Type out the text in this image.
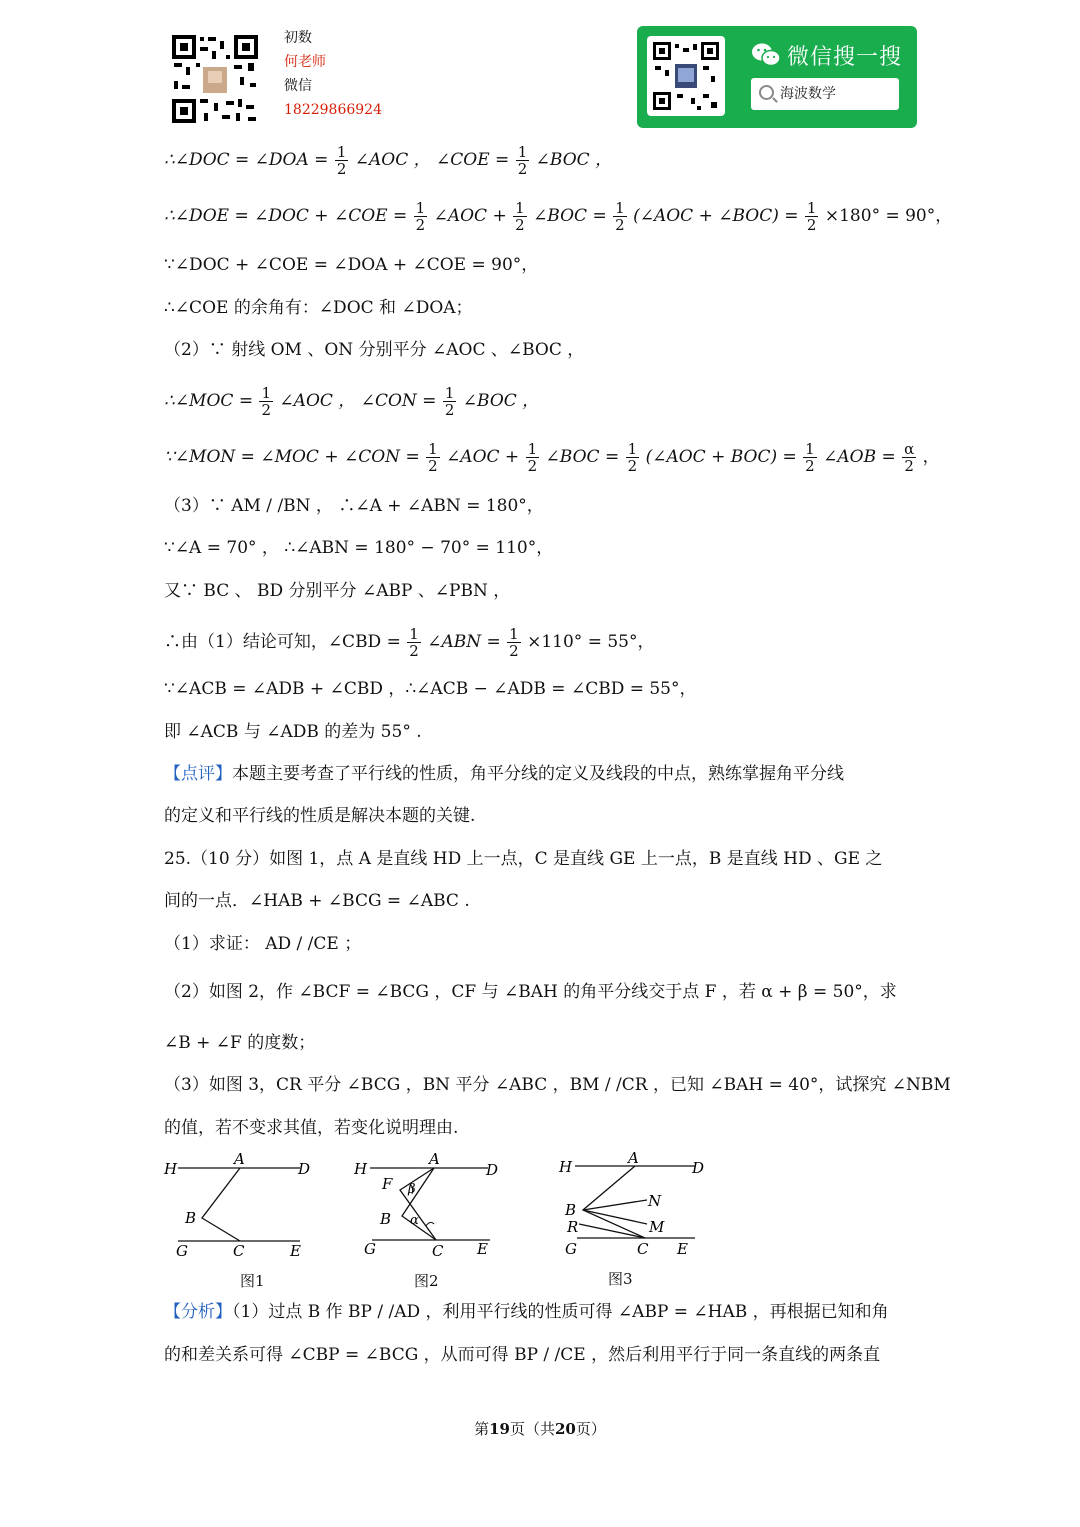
初数
何老师
微信
18229866924
微信搜一搜
海波数学
∴∠DOC = ∠DOA = $\frac{1}{2}$ ∠AOC ， ∠COE = $\frac{1}{2}$ ∠BOC ，
∴∠DOE = ∠DOC + ∠COE = $\frac{1}{2}$ ∠AOC + $\frac{1}{2}$ ∠BOC = $\frac{1}{2}$ (∠AOC + ∠BOC) = $\frac{1}{2} \times 180^\circ = 90^\circ$，
∵∠DOC + ∠COE = ∠DOA + ∠COE = 90°，
∴∠COE 的余角有：∠DOC 和 ∠DOA；
（2）∵ 射线 OM 、ON 分别平分 ∠AOC 、∠BOC ，
∴∠MOC = $\frac{1}{2}$ ∠AOC ， ∠CON = $\frac{1}{2}$ ∠BOC ，
∵∠MON = ∠MOC + ∠CON = $\frac{1}{2}$ ∠AOC + $\frac{1}{2}$ ∠BOC = $\frac{1}{2}$ (∠AOC + $BOC) = \frac{1}{2}$ ∠AOB = $\frac{\alpha}{2}$ ，
（3）∵ AM / /BN ， ∴∠A + ∠ABN = 180°，
∵∠A = 70° ， ∴∠ABN = 180° − 70° = 110°，
又∵ BC 、 BD 分别平分 ∠ABP 、∠PBN ，
∴由（1）结论可知，∠CBD = $\frac{1}{2}$ ∠ABN = $\frac{1}{2} \times 110^\circ = 55^\circ$，
∵∠ACB = ∠ADB + ∠CBD ，∴∠ACB − ∠ADB = ∠CBD = 55°，
即 ∠ACB 与 ∠ADB 的差为 55° .
【点评】本题主要考查了平行线的性质，角平分线的定义及线段的中点，熟练掌握角平分线
的定义和平行线的性质是解决本题的关键.
25.（10 分）如图 1，点 A 是直线 HD 上一点，C 是直线 GE 上一点，B 是直线 HD 、GE 之
间的一点．∠HAB + ∠BCG = ∠ABC .
（1）求证： AD / /CE ；
（2）如图 2，作 ∠BCF = ∠BCG ，CF 与 ∠BAH 的角平分线交于点 F ，若 α + β = 50°，求
∠B + ∠F 的度数；
（3）如图 3，CR 平分 ∠BCG ，BN 平分 ∠ABC ，BM / /CR ，已知 ∠BAH = 40°，试探究 ∠NBM
的值，若不变求其值，若变化说明理由.
H
A
D
B
G	C	E
图1
H
A
D
F β
B α
G	C E
图2
H	A
D
N
B
M
R
G	C E
图3
【分析】（1）过点 B 作 BP / /AD ，利用平行线的性质可得 ∠ABP = ∠HAB ，再根据已知和角
的和差关系可得 ∠CBP = ∠BCG ，从而可得 BP / /CE ，然后利用平行于同一条直线的两条直
第19页（共20页）
